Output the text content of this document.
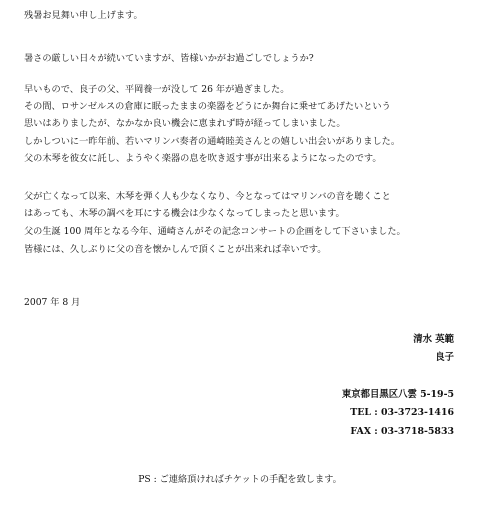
残暑お見舞い申し上げます。
暑さの厳しい日々が続いていますが、皆様いかがお過ごしでしょうか?
早いもので、良子の父、平岡養一が没して 26 年が過ぎました。
その間、ロサンゼルスの倉庫に眠ったままの楽器をどうにか舞台に乗せてあげたいという
思いはありましたが、なかなか良い機会に恵まれず時が経ってしまいました。
しかしついに一昨年前、若いマリンバ奏者の通崎睦美さんとの嬉しい出会いがありました。
父の木琴を彼女に託し、ようやく楽器の息を吹き返す事が出来るようになったのです。
父が亡くなって以来、木琴を弾く人も少なくなり、今となってはマリンバの音を聴くこと
はあっても、木琴の調べを耳にする機会は少なくなってしまったと思います。
父の生誕 100 周年となる今年、通崎さんがその記念コンサートの企画をして下さいました。
皆様には、久しぶりに父の音を懐かしんで頂くことが出来れば幸いです。
2007 年 8 月
清水 英範
良子
東京都目黒区八雲 5-19-5
TEL : 03-3723-1416
FAX : 03-3718-5833
PS : ご連絡頂ければチケットの手配を致します。
